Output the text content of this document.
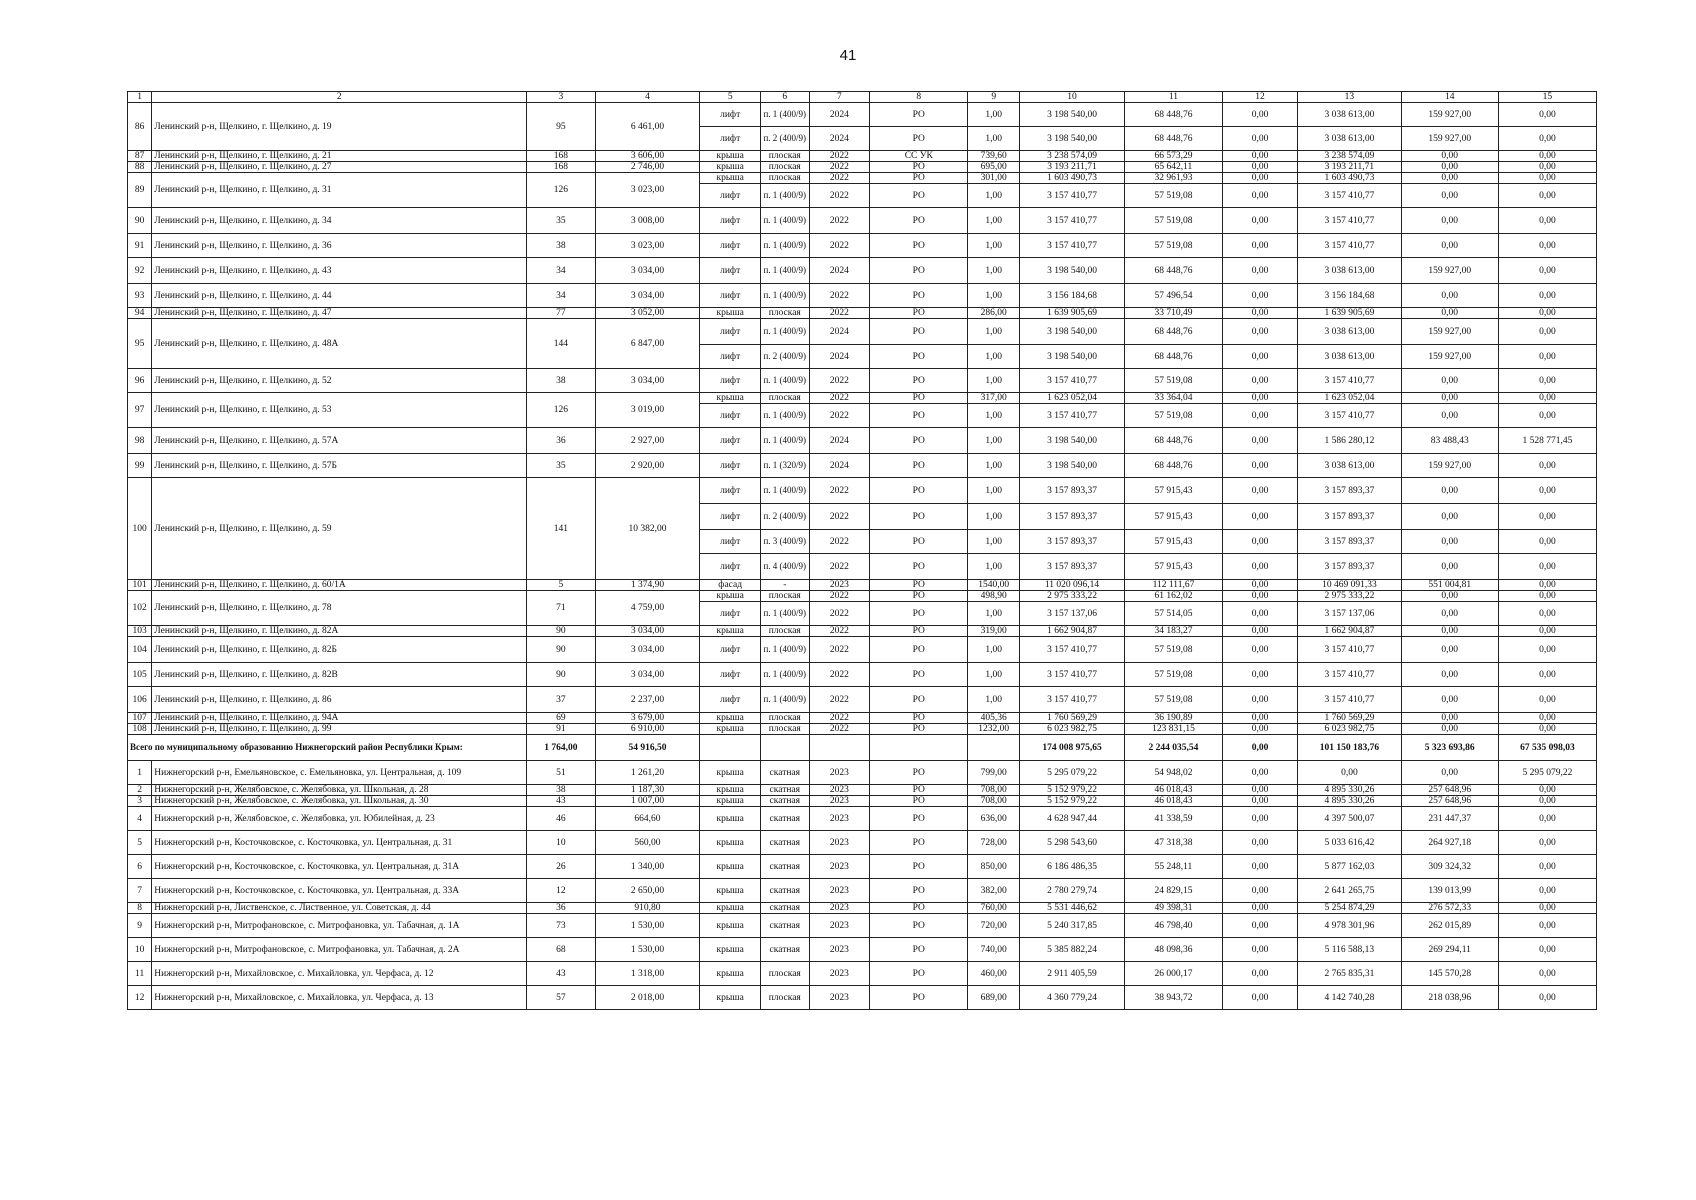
41
1	2	3	4	5	6	7	8	9	10	11	12	13	14	15
86	Ленинский р-н, Щелкино, г. Щелкино, д. 19	95	6 461,00	лифт	п. 1 (400/9)	2024	РО	1,00	3 198 540,00	68 448,76	0,00	3 038 613,00	159 927,00	0,00
				лифт	п. 2 (400/9)	2024	РО	1,00	3 198 540,00	68 448,76	0,00	3 038 613,00	159 927,00	0,00
87	Ленинский р-н, Щелкино, г. Щелкино, д. 21	168	3 606,00	крыша	плоская	2022	СС УК	739,60	3 238 574,09	66 573,29	0,00	3 238 574,09	0,00	0,00
88	Ленинский р-н, Щелкино, г. Щелкино, д. 27	168	2 746,00	крыша	плоская	2022	РО	695,00	3 193 211,71	65 642,11	0,00	3 193 211,71	0,00	0,00
89	Ленинский р-н, Щелкино, г. Щелкино, д. 31	126	3 023,00	крыша	плоская	2022	РО	301,00	1 603 490,73	32 961,93	0,00	1 603 490,73	0,00	0,00
				лифт	п. 1 (400/9)	2022	РО	1,00	3 157 410,77	57 519,08	0,00	3 157 410,77	0,00	0,00
90	Ленинский р-н, Щелкино, г. Щелкино, д. 34	35	3 008,00	лифт	п. 1 (400/9)	2022	РО	1,00	3 157 410,77	57 519,08	0,00	3 157 410,77	0,00	0,00
91	Ленинский р-н, Щелкино, г. Щелкино, д. 36	38	3 023,00	лифт	п. 1 (400/9)	2022	РО	1,00	3 157 410,77	57 519,08	0,00	3 157 410,77	0,00	0,00
92	Ленинский р-н, Щелкино, г. Щелкино, д. 43	34	3 034,00	лифт	п. 1 (400/9)	2024	РО	1,00	3 198 540,00	68 448,76	0,00	3 038 613,00	159 927,00	0,00
93	Ленинский р-н, Щелкино, г. Щелкино, д. 44	34	3 034,00	лифт	п. 1 (400/9)	2022	РО	1,00	3 156 184,68	57 496,54	0,00	3 156 184,68	0,00	0,00
94	Ленинский р-н, Щелкино, г. Щелкино, д. 47	77	3 052,00	крыша	плоская	2022	РО	286,00	1 639 905,69	33 710,49	0,00	1 639 905,69	0,00	0,00
95	Ленинский р-н, Щелкино, г. Щелкино, д. 48А	144	6 847,00	лифт	п. 1 (400/9)	2024	РО	1,00	3 198 540,00	68 448,76	0,00	3 038 613,00	159 927,00	0,00
				лифт	п. 2 (400/9)	2024	РО	1,00	3 198 540,00	68 448,76	0,00	3 038 613,00	159 927,00	0,00
96	Ленинский р-н, Щелкино, г. Щелкино, д. 52	38	3 034,00	лифт	п. 1 (400/9)	2022	РО	1,00	3 157 410,77	57 519,08	0,00	3 157 410,77	0,00	0,00
97	Ленинский р-н, Щелкино, г. Щелкино, д. 53	126	3 019,00	крыша	плоская	2022	РО	317,00	1 623 052,04	33 364,04	0,00	1 623 052,04	0,00	0,00
				лифт	п. 1 (400/9)	2022	РО	1,00	3 157 410,77	57 519,08	0,00	3 157 410,77	0,00	0,00
98	Ленинский р-н, Щелкино, г. Щелкино, д. 57А	36	2 927,00	лифт	п. 1 (400/9)	2024	РО	1,00	3 198 540,00	68 448,76	0,00	1 586 280,12	83 488,43	1 528 771,45
99	Ленинский р-н, Щелкино, г. Щелкино, д. 57Б	35	2 920,00	лифт	п. 1 (320/9)	2024	РО	1,00	3 198 540,00	68 448,76	0,00	3 038 613,00	159 927,00	0,00
100	Ленинский р-н, Щелкино, г. Щелкино, д. 59	141	10 382,00	лифт	п. 1 (400/9)	2022	РО	1,00	3 157 893,37	57 915,43	0,00	3 157 893,37	0,00	0,00
				лифт	п. 2 (400/9)	2022	РО	1,00	3 157 893,37	57 915,43	0,00	3 157 893,37	0,00	0,00
				лифт	п. 3 (400/9)	2022	РО	1,00	3 157 893,37	57 915,43	0,00	3 157 893,37	0,00	0,00
				лифт	п. 4 (400/9)	2022	РО	1,00	3 157 893,37	57 915,43	0,00	3 157 893,37	0,00	0,00
101	Ленинский р-н, Щелкино, г. Щелкино, д. 60/1А	5	1 374,90	фасад	-	2023	РО	1540,00	11 020 096,14	112 111,67	0,00	10 469 091,33	551 004,81	0,00
102	Ленинский р-н, Щелкино, г. Щелкино, д. 78	71	4 759,00	крыша	плоская	2022	РО	498,90	2 975 333,22	61 162,02	0,00	2 975 333,22	0,00	0,00
				лифт	п. 1 (400/9)	2022	РО	1,00	3 157 137,06	57 514,05	0,00	3 157 137,06	0,00	0,00
103	Ленинский р-н, Щелкино, г. Щелкино, д. 82А	90	3 034,00	крыша	плоская	2022	РО	319,00	1 662 904,87	34 183,27	0,00	1 662 904,87	0,00	0,00
104	Ленинский р-н, Щелкино, г. Щелкино, д. 82Б	90	3 034,00	лифт	п. 1 (400/9)	2022	РО	1,00	3 157 410,77	57 519,08	0,00	3 157 410,77	0,00	0,00
105	Ленинский р-н, Щелкино, г. Щелкино, д. 82В	90	3 034,00	лифт	п. 1 (400/9)	2022	РО	1,00	3 157 410,77	57 519,08	0,00	3 157 410,77	0,00	0,00
106	Ленинский р-н, Щелкино, г. Щелкино, д. 86	37	2 237,00	лифт	п. 1 (400/9)	2022	РО	1,00	3 157 410,77	57 519,08	0,00	3 157 410,77	0,00	0,00
107	Ленинский р-н, Щелкино, г. Щелкино, д. 94А	69	3 679,00	крыша	плоская	2022	РО	405,36	1 760 569,29	36 190,89	0,00	1 760 569,29	0,00	0,00
108	Ленинский р-н, Щелкино, г. Щелкино, д. 99	91	6 910,00	крыша	плоская	2022	РО	1232,00	6 023 982,75	123 831,15	0,00	6 023 982,75	0,00	0,00
Всего по муниципальному образованию Нижнегорский район Республики Крым:		1 764,00	54 916,50						174 008 975,65	2 244 035,54	0,00	101 150 183,76	5 323 693,86	67 535 098,03
1	Нижнегорский р-н, Емельяновское, с. Емельяновка, ул. Центральная, д. 109	51	1 261,20	крыша	скатная	2023	РО	799,00	5 295 079,22	54 948,02	0,00	0,00	0,00	5 295 079,22
2	Нижнегорский р-н, Желябовское, с. Желябовка, ул. Школьная, д. 28	38	1 187,30	крыша	скатная	2023	РО	708,00	5 152 979,22	46 018,43	0,00	4 895 330,26	257 648,96	0,00
3	Нижнегорский р-н, Желябовское, с. Желябовка, ул. Школьная, д. 30	43	1 007,00	крыша	скатная	2023	РО	708,00	5 152 979,22	46 018,43	0,00	4 895 330,26	257 648,96	0,00
4	Нижнегорский р-н, Желябовское, с. Желябовка, ул. Юбилейная, д. 23	46	664,60	крыша	скатная	2023	РО	636,00	4 628 947,44	41 338,59	0,00	4 397 500,07	231 447,37	0,00
5	Нижнегорский р-н, Косточковское, с. Косточковка, ул. Центральная, д. 31	10	560,00	крыша	скатная	2023	РО	728,00	5 298 543,60	47 318,38	0,00	5 033 616,42	264 927,18	0,00
6	Нижнегорский р-н, Косточковское, с. Косточковка, ул. Центральная, д. 31А	26	1 340,00	крыша	скатная	2023	РО	850,00	6 186 486,35	55 248,11	0,00	5 877 162,03	309 324,32	0,00
7	Нижнегорский р-н, Косточковское, с. Косточковка, ул. Центральная, д. 33А	12	2 650,00	крыша	скатная	2023	РО	382,00	2 780 279,74	24 829,15	0,00	2 641 265,75	139 013,99	0,00
8	Нижнегорский р-н, Лиственское, с. Лиственное, ул. Советская, д. 44	36	910,80	крыша	скатная	2023	РО	760,00	5 531 446,62	49 398,31	0,00	5 254 874,29	276 572,33	0,00
9	Нижнегорский р-н, Митрофановское, с. Митрофановка, ул. Табачная, д. 1А	73	1 530,00	крыша	скатная	2023	РО	720,00	5 240 317,85	46 798,40	0,00	4 978 301,96	262 015,89	0,00
10	Нижнегорский р-н, Митрофановское, с. Митрофановка, ул. Табачная, д. 2А	68	1 530,00	крыша	скатная	2023	РО	740,00	5 385 882,24	48 098,36	0,00	5 116 588,13	269 294,11	0,00
11	Нижнегорский р-н, Михайловское, с. Михайловка, ул. Черфаса, д. 12	43	1 318,00	крыша	плоская	2023	РО	460,00	2 911 405,59	26 000,17	0,00	2 765 835,31	145 570,28	0,00
12	Нижнегорский р-н, Михайловское, с. Михайловка, ул. Черфаса, д. 13	57	2 018,00	крыша	плоская	2023	РО	689,00	4 360 779,24	38 943,72	0,00	4 142 740,28	218 038,96	0,00
